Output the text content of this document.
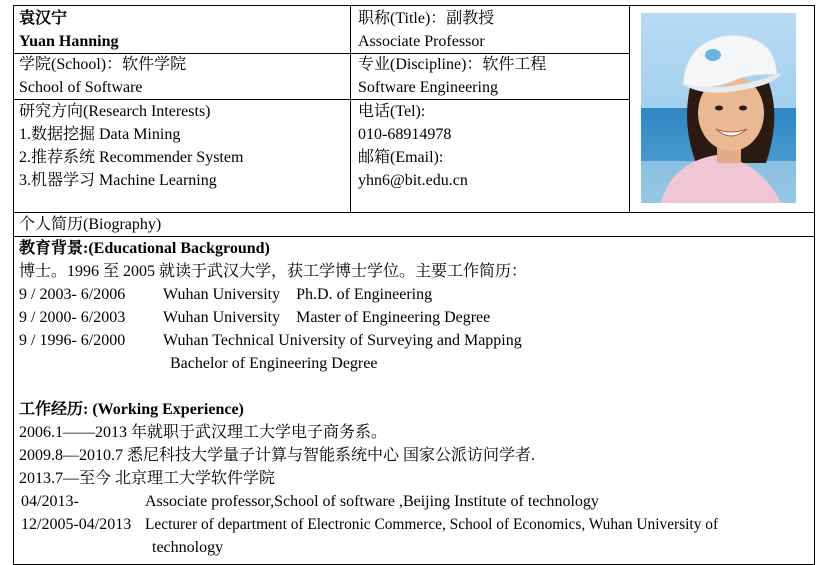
袁汉宁
Yuan Hanning
职称(Title)：副教授
Associate Professor
学院(School)：软件学院
School of Software
专业(Discipline)：软件工程
Software Engineering
研究方向(Research Interests)
1.数据挖掘 Data Mining
2.推荐系统 Recommender System
3.机器学习 Machine Learning
电话(Tel):
010-68914978
邮箱(Email):
yhn6@bit.edu.cn
个人简历(Biography)
教育背景:(Educational Background)
博士。1996 至 2005 就读于武汉大学，获工学博士学位。主要工作简历：
9 / 2003- 6/2006 Wuhan University    Ph.D. of Engineering
9 / 2000- 6/2003 Wuhan University    Master of Engineering Degree
9 / 1996- 6/2000 Wuhan Technical University of Surveying and Mapping
Bachelor of Engineering Degree
工作经历: (Working Experience)
2006.1——2013 年就职于武汉理工大学电子商务系。
2009.8—2010.7 悉尼科技大学量子计算与智能系统中心 国家公派访问学者.
2013.7—至今 北京理工大学软件学院
04/2013-	Associate professor,School of software ,Beijing Institute of technology
12/2005-04/2013 Lecturer of department of Electronic Commerce, School of Economics, Wuhan University of
technology
